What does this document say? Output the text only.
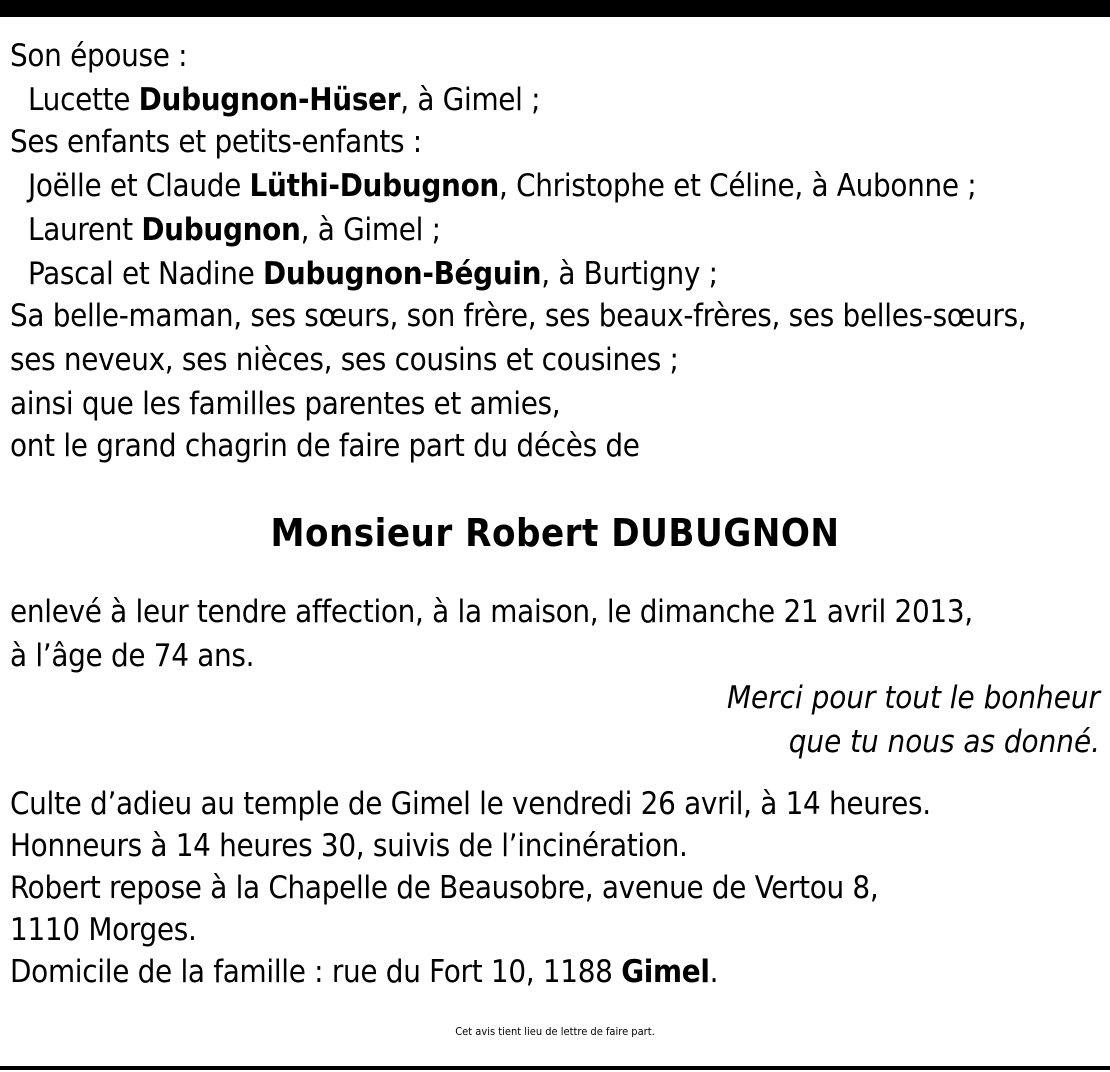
Son épouse :
Lucette Dubugnon-Hüser, à Gimel ;
Ses enfants et petits-enfants :
Joëlle et Claude Lüthi-Dubugnon, Christophe et Céline, à Aubonne ;
Laurent Dubugnon, à Gimel ;
Pascal et Nadine Dubugnon-Béguin, à Burtigny ;
Sa belle-maman, ses sœurs, son frère, ses beaux-frères, ses belles-sœurs,
ses neveux, ses nièces, ses cousins et cousines ;
ainsi que les familles parentes et amies,
ont le grand chagrin de faire part du décès de
Monsieur Robert DUBUGNON
enlevé à leur tendre affection, à la maison, le dimanche 21 avril 2013,
à l’âge de 74 ans.
Merci pour tout le bonheur
que tu nous as donné.
Culte d’adieu au temple de Gimel le vendredi 26 avril, à 14 heures.
Honneurs à 14 heures 30, suivis de l’incinération.
Robert repose à la Chapelle de Beausobre, avenue de Vertou 8,
1110 Morges.
Domicile de la famille : rue du Fort 10, 1188 Gimel.
Cet avis tient lieu de lettre de faire part.
